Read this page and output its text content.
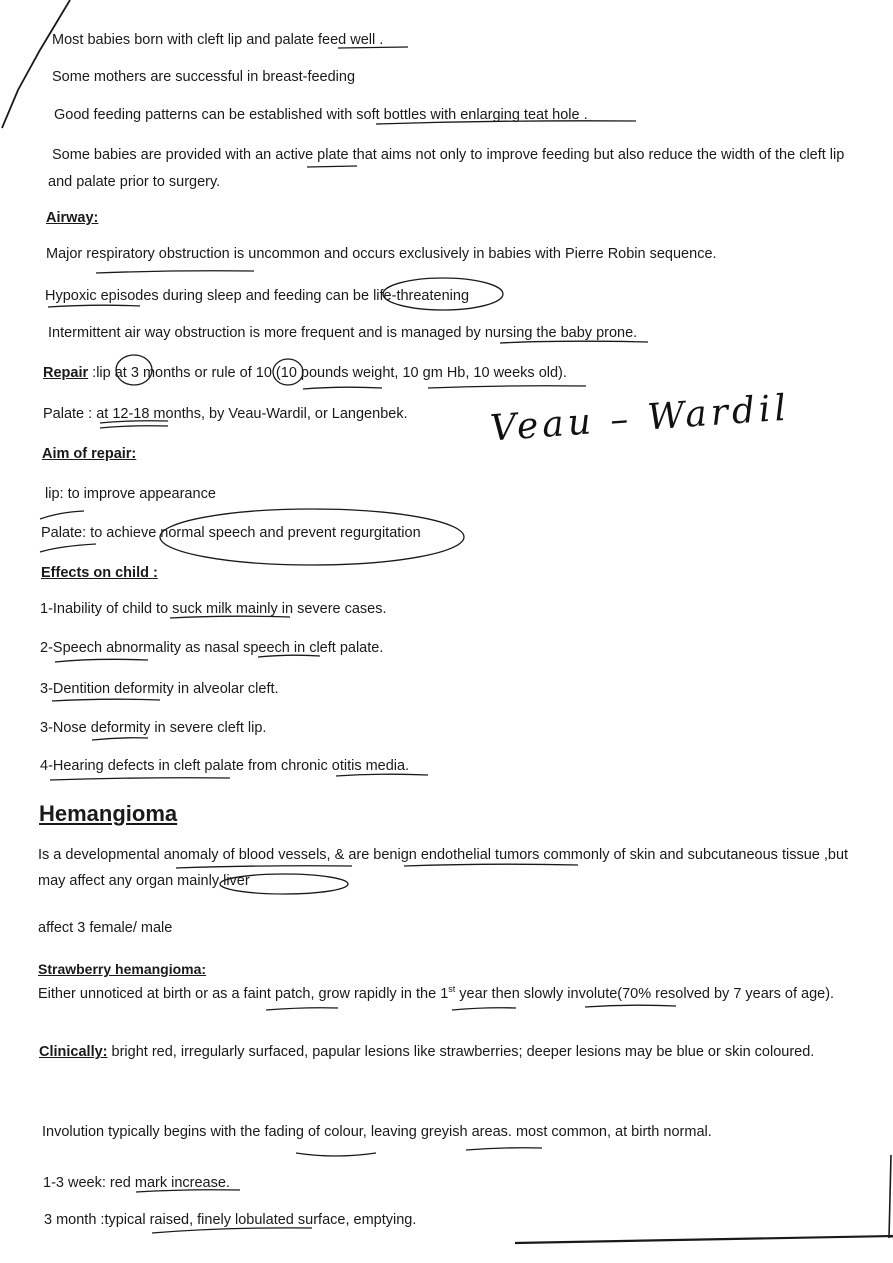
Most babies born with cleft lip and palate feed well .
Some mothers are successful in breast-feeding
Good feeding patterns can be established with soft bottles with enlarging teat hole .
Some babies are provided with an active plate that aims not only to improve feeding but also reduce the width of the cleft lip and palate prior to surgery.
Airway:
Major respiratory obstruction is uncommon and occurs exclusively in babies with Pierre Robin sequence.
Hypoxic episodes during sleep and feeding can be life-threatening
Intermittent air way obstruction is more frequent and is managed by nursing the baby prone.
Repair :lip at 3 months or rule of 10 (10 pounds weight, 10 gm Hb, 10 weeks old).
Palate : at 12-18 months, by Veau-Wardil, or Langenbek. Veau – Wardil
Aim of repair:
lip: to improve appearance
Palate: to achieve normal speech and prevent regurgitation
Effects on child :
1-Inability of child to suck milk mainly in severe cases.
2-Speech abnormality as nasal speech in cleft palate.
3-Dentition deformity in alveolar cleft.
3-Nose deformity in severe cleft lip.
4-Hearing defects in cleft palate from chronic otitis media.
Hemangioma
Is a developmental anomaly of blood vessels, & are benign endothelial tumors commonly of skin and subcutaneous tissue ,but may affect any organ mainly liver
affect 3 female/ male
Strawberry hemangioma:
Either unnoticed at birth or as a faint patch, grow rapidly in the 1st year then slowly involute(70% resolved by 7 years of age).
Clinically: bright red, irregularly surfaced, papular lesions like strawberries; deeper lesions may be blue or skin coloured.
Involution typically begins with the fading of colour, leaving greyish areas. most common, at birth normal.
1-3 week: red mark increase.
3 month :typical raised, finely lobulated surface, emptying.
